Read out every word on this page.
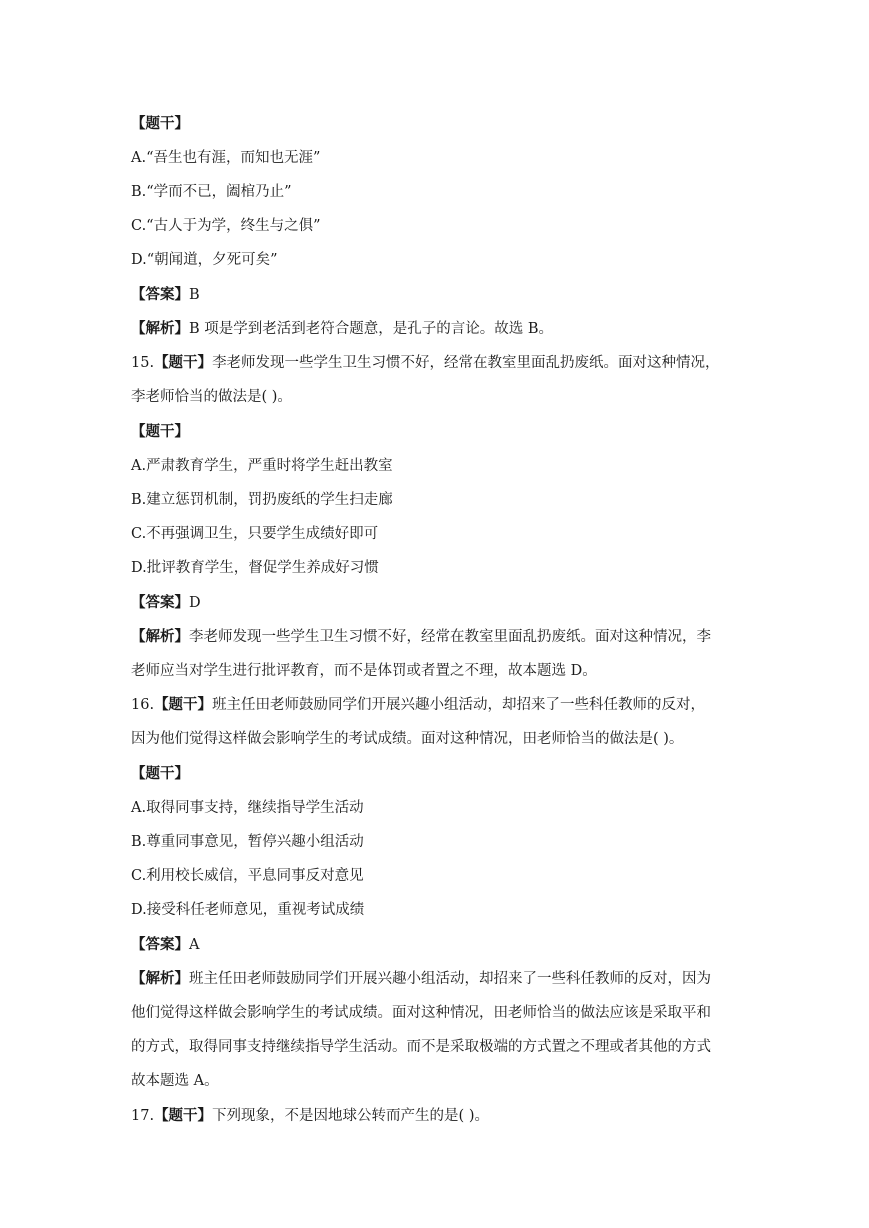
【题干】
A.“吾生也有涯，而知也无涯”
B.“学而不已，阖棺乃止”
C.“古人于为学，终生与之俱”
D.“朝闻道，夕死可矣”
【答案】B
【解析】B 项是学到老活到老符合题意，是孔子的言论。故选 B。
15.【题干】李老师发现一些学生卫生习惯不好，经常在教室里面乱扔废纸。面对这种情况，
李老师恰当的做法是( )。
【题干】
A.严肃教育学生，严重时将学生赶出教室
B.建立惩罚机制，罚扔废纸的学生扫走廊
C.不再强调卫生，只要学生成绩好即可
D.批评教育学生，督促学生养成好习惯
【答案】D
【解析】李老师发现一些学生卫生习惯不好，经常在教室里面乱扔废纸。面对这种情况，李
老师应当对学生进行批评教育，而不是体罚或者置之不理，故本题选 D。
16.【题干】班主任田老师鼓励同学们开展兴趣小组活动，却招来了一些科任教师的反对，
因为他们觉得这样做会影响学生的考试成绩。面对这种情况，田老师恰当的做法是( )。
【题干】
A.取得同事支持，继续指导学生活动
B.尊重同事意见，暂停兴趣小组活动
C.利用校长威信，平息同事反对意见
D.接受科任老师意见，重视考试成绩
【答案】A
【解析】班主任田老师鼓励同学们开展兴趣小组活动，却招来了一些科任教师的反对，因为
他们觉得这样做会影响学生的考试成绩。面对这种情况，田老师恰当的做法应该是采取平和
的方式，取得同事支持继续指导学生活动。而不是采取极端的方式置之不理或者其他的方式
故本题选 A。
17.【题干】下列现象，不是因地球公转而产生的是( )。
